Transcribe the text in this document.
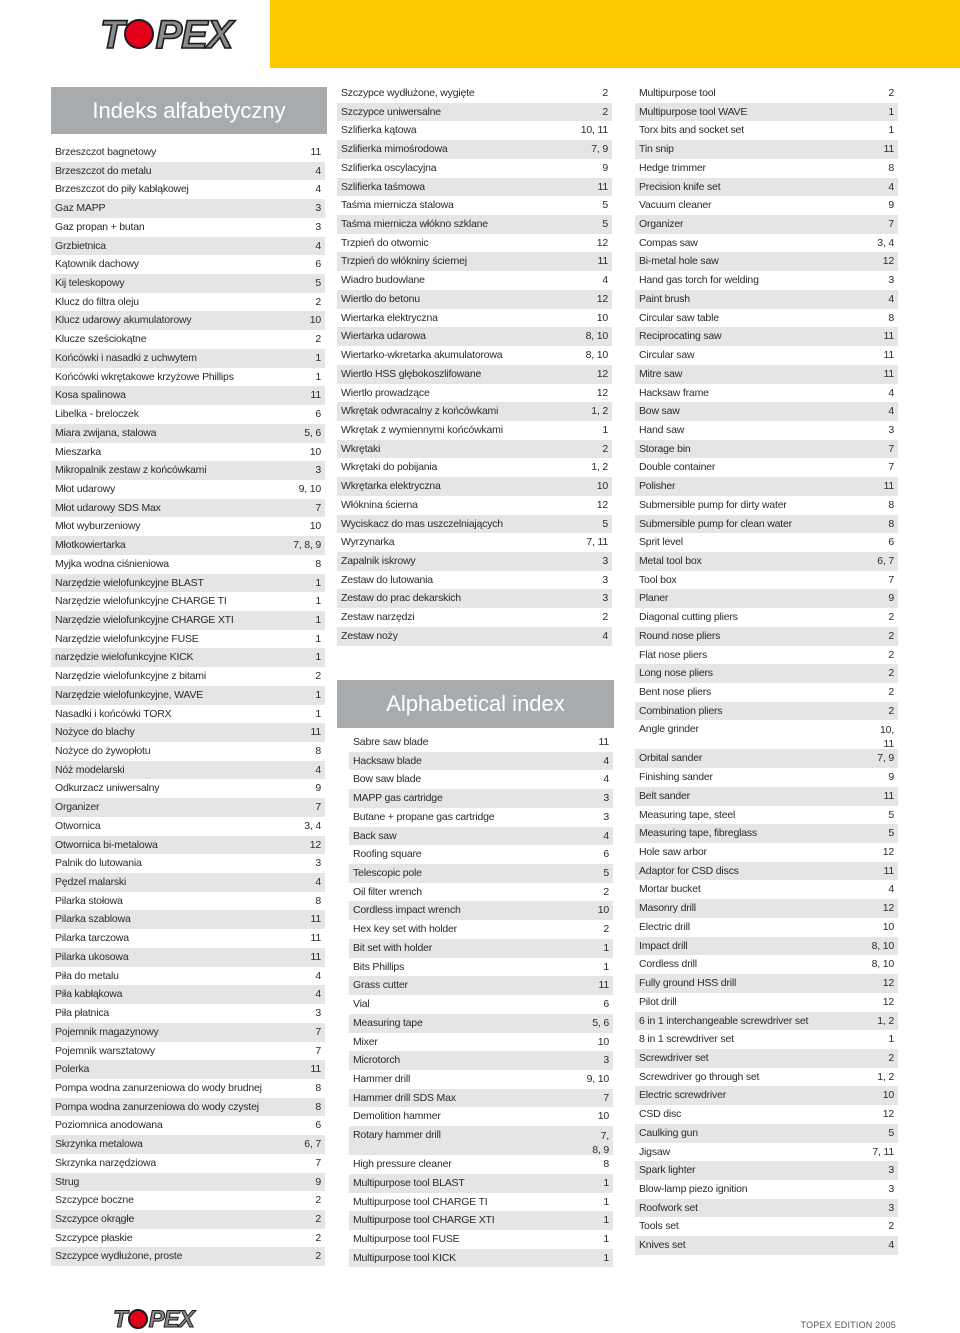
T PEX
Indeks alfabetyczny
Brzeszczot bagnetowy	11
Brzeszczot do metalu	4
Brzeszczot do piły kabłąkowej	4
Gaz MAPP	3
Gaz propan + butan	3
Grzbietnica	4
Kątownik dachowy	6
Kij teleskopowy	5
Klucz do filtra oleju	2
Klucz udarowy akumulatorowy	10
Klucze sześciokątne	2
Końcówki i nasadki z uchwytem	1
Końcówki wkrętakowe krzyżowe Phillips	1
Kosa spalinowa	11
Libelka - breloczek	6
Miara zwijana, stalowa	5, 6
Mieszarka	10
Mikropalnik zestaw z końcówkami	3
Młot udarowy	9, 10
Młot udarowy SDS Max	7
Młot wyburzeniowy	10
Młotkowiertarka	7, 8, 9
Myjka wodna ciśnieniowa	8
Narzędzie wielofunkcyjne BLAST	1
Narzędzie wielofunkcyjne CHARGE TI	1
Narzędzie wielofunkcyjne CHARGE XTI	1
Narzędzie wielofunkcyjne FUSE	1
narzędzie wielofunkcyjne KICK	1
Narzędzie wielofunkcyjne z bitami	2
Narzędzie wielofunkcyjne, WAVE	1
Nasadki i końcówki TORX	1
Nożyce do blachy	11
Nożyce do żywopłotu	8
Nóż modelarski	4
Odkurzacz uniwersalny	9
Organizer	7
Otwornica	3, 4
Otwornica bi-metalowa	12
Palnik do lutowania	3
Pędzel malarski	4
Pilarka stołowa	8
Pilarka szablowa	11
Pilarka tarczowa	11
Pilarka ukosowa	11
Piła do metalu	4
Piła kabłąkowa	4
Piła płatnica	3
Pojemnik magazynowy	7
Pojemnik warsztatowy	7
Polerka	11
Pompa wodna zanurzeniowa do wody brudnej	8
Pompa wodna zanurzeniowa do wody czystej	8
Poziomnica anodowana	6
Skrzynka metalowa	6, 7
Skrzynka narzędziowa	7
Strug	9
Szczypce boczne	2
Szczypce okrągłe	2
Szczypce płaskie	2
Szczypce wydłużone, proste	2
Szczypce wydłużone, wygięte	2
Szczypce uniwersalne	2
Szlifierka kątowa	10, 11
Szlifierka mimośrodowa	7, 9
Szlifierka oscylacyjna	9
Szlifierka taśmowa	11
Taśma miernicza stalowa	5
Taśma miernicza włókno szklane	5
Trzpień do otwornic	12
Trzpień do włókniny ściernej	11
Wiadro budowlane	4
Wiertło do betonu	12
Wiertarka elektryczna	10
Wiertarka udarowa	8, 10
Wiertarko-wkretarka akumulatorowa	8, 10
Wiertło HSS głębokoszlifowane	12
Wiertło prowadzące	12
Wkrętak odwracalny z końcówkami	1, 2
Wkrętak z wymiennymi końcówkami	1
Wkrętaki	2
Wkrętaki do pobijania	1, 2
Wkrętarka elektryczna	10
Włóknina ścierna	12
Wyciskacz do mas uszczelniających	5
Wyrzynarka	7, 11
Zapalnik iskrowy	3
Zestaw do lutowania	3
Zestaw do prac dekarskich	3
Zestaw narzędzi	2
Zestaw noży	4
Alphabetical index
Sabre saw blade	11
Hacksaw blade	4
Bow saw blade	4
MAPP gas cartridge	3
Butane + propane gas cartridge	3
Back saw	4
Roofing square	6
Telescopic pole	5
Oil filter wrench	2
Cordless impact wrench	10
Hex key set with holder	2
Bit set with holder	1
Bits Phillips	1
Grass cutter	11
Vial	6
Measuring tape	5, 6
Mixer	10
Microtorch	3
Hammer drill	9, 10
Hammer drill SDS Max	7
Demolition hammer	10
Rotary hammer drill	7,
8, 9
High pressure cleaner	8
Multipurpose tool BLAST	1
Multipurpose tool CHARGE TI	1
Multipurpose tool CHARGE XTI	1
Multipurpose tool FUSE	1
Multipurpose tool KICK	1
Multipurpose tool	2
Multipurpose tool WAVE	1
Torx bits and socket set	1
Tin snip	11
Hedge trimmer	8
Precision knife set	4
Vacuum cleaner	9
Organizer	7
Compas saw	3, 4
Bi-metal hole saw	12
Hand gas torch for welding	3
Paint brush	4
Circular saw table	8
Reciprocating saw	11
Circular saw	11
Mitre saw	11
Hacksaw frame	4
Bow saw	4
Hand saw	3
Storage bin	7
Double container	7
Polisher	11
Submersible pump for dirty water	8
Submersible pump for clean water	8
Sprit level	6
Metal tool box	6, 7
Tool box	7
Planer	9
Diagonal cutting pliers	2
Round nose pliers	2
Flat nose pliers	2
Long nose pliers	2
Bent nose pliers	2
Combination pliers	2
Angle grinder	10,
11
Orbital sander	7, 9
Finishing sander	9
Belt sander	11
Measuring tape, steel	5
Measuring tape, fibreglass	5
Hole saw arbor	12
Adaptor for CSD discs	11
Mortar bucket	4
Masonry drill	12
Electric drill	10
Impact drill	8, 10
Cordless drill	8, 10
Fully ground HSS drill	12
Pilot drill	12
6 in 1 interchangeable screwdriver set	1, 2
8 in 1 screwdriver set	1
Screwdriver set	2
Screwdriver go through set	1, 2
Electric screwdriver	10
CSD disc	12
Caulking gun	5
Jigsaw	7, 11
Spark lighter	3
Blow-lamp piezo ignition	3
Roofwork set	3
Tools set	2
Knives set	4
T PEX	TOPEX EDITION 2005
